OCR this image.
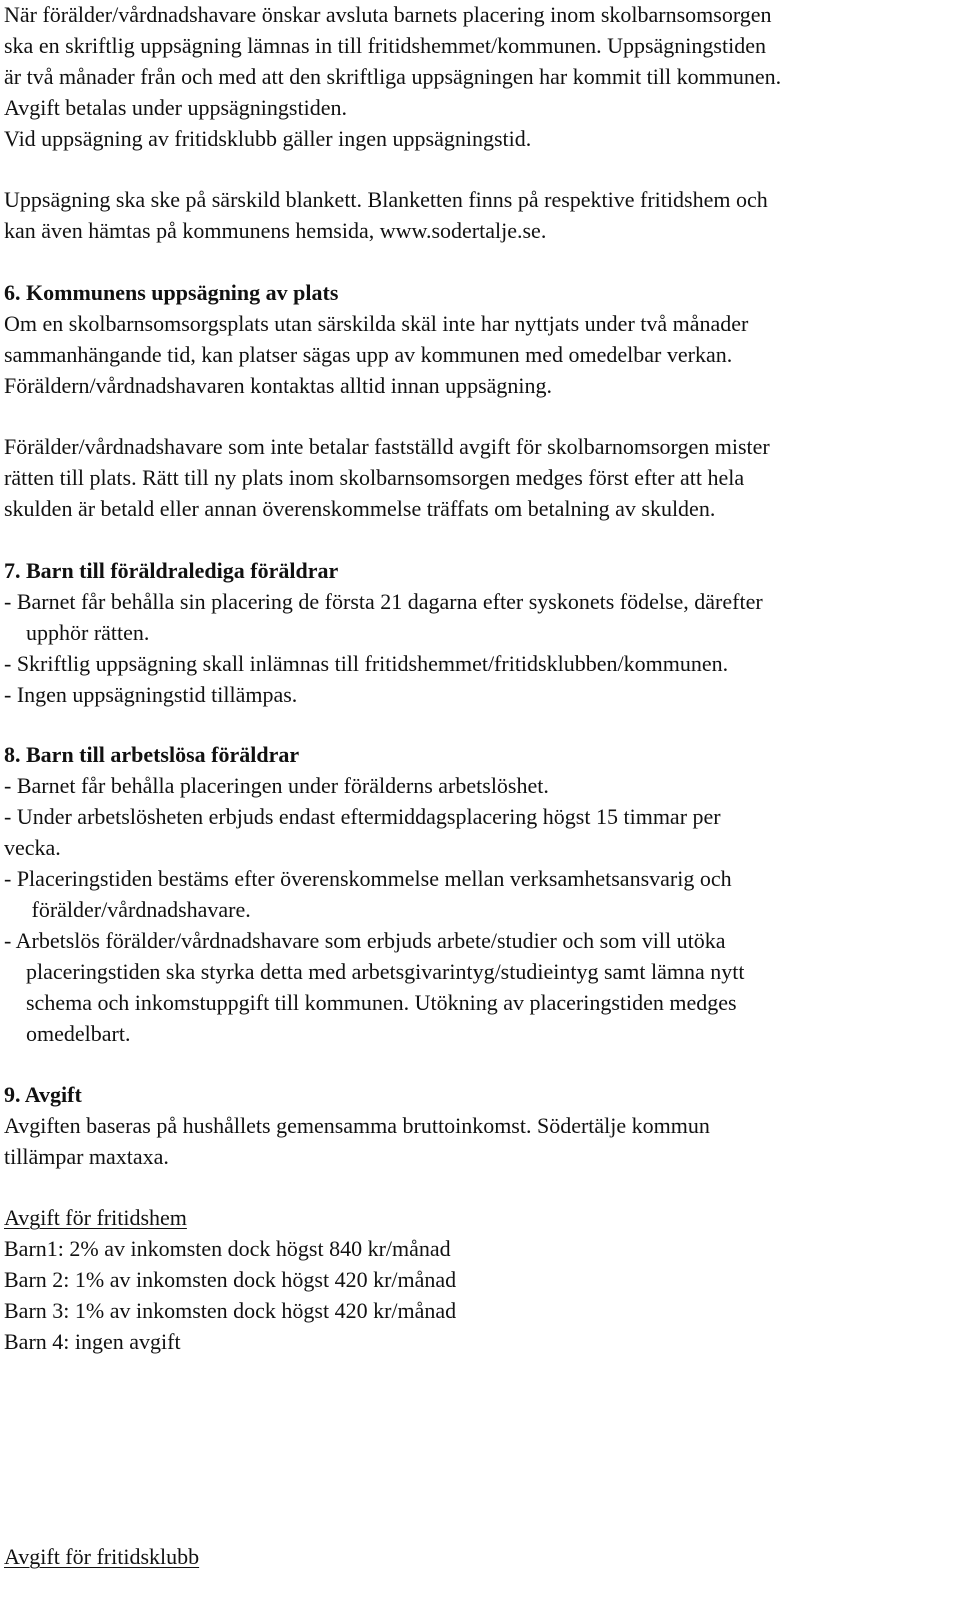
När förälder/vårdnadshavare önskar avsluta barnets placering inom skolbarnsomsorgen
ska en skriftlig uppsägning lämnas in till fritidshemmet/kommunen. Uppsägningstiden
är två månader från och med att den skriftliga uppsägningen har kommit till kommunen.
Avgift betalas under uppsägningstiden.
Vid uppsägning av fritidsklubb gäller ingen uppsägningstid.
Uppsägning ska ske på särskild blankett. Blanketten finns på respektive fritidshem och
kan även hämtas på kommunens hemsida, www.sodertalje.se.
6. Kommunens uppsägning av plats
Om en skolbarnsomsorgsplats utan särskilda skäl inte har nyttjats under två månader
sammanhängande tid, kan platser sägas upp av kommunen med omedelbar verkan.
Föräldern/vårdnadshavaren kontaktas alltid innan uppsägning.
Förälder/vårdnadshavare som inte betalar fastställd avgift för skolbarnomsorgen mister
rätten till plats. Rätt till ny plats inom skolbarnsomsorgen medges först efter att hela
skulden är betald eller annan överenskommelse träffats om betalning av skulden.
7. Barn till föräldralediga föräldrar
- Barnet får behålla sin placering de första 21 dagarna efter syskonets födelse, därefter
upphör rätten.
- Skriftlig uppsägning skall inlämnas till fritidshemmet/fritidsklubben/kommunen.
- Ingen uppsägningstid tillämpas.
8. Barn till arbetslösa föräldrar
- Barnet får behålla placeringen under förälderns arbetslöshet.
- Under arbetslösheten erbjuds endast eftermiddagsplacering högst 15 timmar per
vecka.
- Placeringstiden bestäms efter överenskommelse mellan verksamhetsansvarig och
förälder/vårdnadshavare.
- Arbetslös förälder/vårdnadshavare som erbjuds arbete/studier och som vill utöka
placeringstiden ska styrka detta med arbetsgivarintyg/studieintyg samt lämna nytt
schema och inkomstuppgift till kommunen. Utökning av placeringstiden medges
omedelbart.
9. Avgift
Avgiften baseras på hushållets gemensamma bruttoinkomst. Södertälje kommun
tillämpar maxtaxa.
Avgift för fritidshem
Barn1: 2% av inkomsten dock högst 840 kr/månad
Barn 2: 1% av inkomsten dock högst 420 kr/månad
Barn 3: 1% av inkomsten dock högst 420 kr/månad
Barn 4: ingen avgift
Avgift för fritidsklubb
